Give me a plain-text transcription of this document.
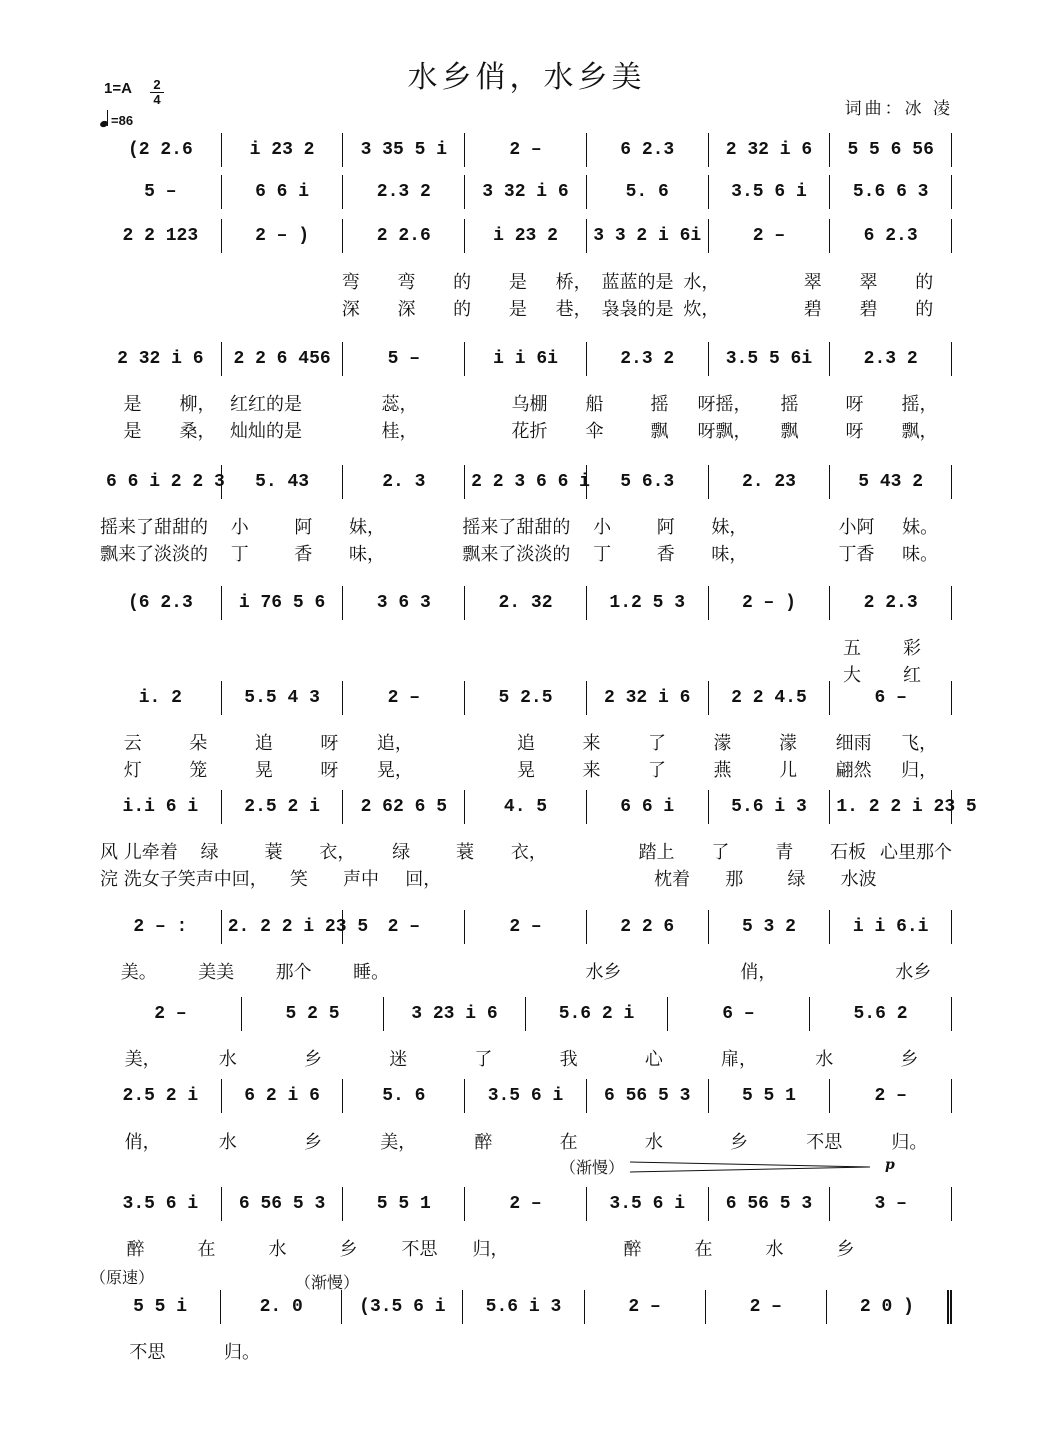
水乡俏，水乡美
词曲：冰 凌
1=A 2
4
=86
(2 2.6	i 23 2	3 35 5 i	2 –	6 2.3	2 32 i 6	5 5 6 56
5 –	6 6 i	2.3 2	3 32 i 6	5. 6	3.5 6 i	5.6 6 3
2 2 123	2 – )	2 2.6	i 23 2	3 3 2 i 6i	2 –	6 2.3
弯	弯	的	是	桥， 蓝蓝的是 水，	翠	翠	的
深	深	的	是	巷， 袅袅的是 炊，	碧	碧	的
2 32 i 6	2 2 6 456	5 –	i i 6i	2.3 2	3.5 5 6i	2.3 2
是	柳， 红红的是	蕊，	乌棚	船	摇	呀摇，	摇	呀	摇，
是	桑， 灿灿的是	桂，	花折	伞	飘	呀飘，	飘	呀	飘，
6 6 i 2 2 3	5. 43	2. 3	2 2 3 6 6 i	5 6.3	2. 23	5 43 2
摇来了甜甜的	小	阿	妹，	摇来了甜甜的	小	阿	妹，	小阿	妹。
飘来了淡淡的	丁	香	味，	飘来了淡淡的	丁	香	味，	丁香	味。
(6 2.3	i 76 5 6	3 6 3	2. 32	1.2 5 3	2 – )	2 2.3
五	彩
大	红
i. 2	5.5 4 3	2 –	5 2.5	2 32 i 6	2 2 4.5	6 –
云	朵	追	呀	追，	追	来	了	濛	濛	细雨	飞，
灯	笼	晃	呀	晃，	晃	来	了	燕	儿	翩然	归，
i.i 6 i	2.5 2 i	2 62 6 5	4. 5	6 6 i	5.6 i 3	1. 2 2 i 23 5
风 儿牵着	绿	蓑	衣，	绿	蓑	衣，	踏上	了	青	石板 心里那个
浣 洗女子 笑声中回，	笑	声中	回，	枕着	那	绿	水波
2 – :	2. 2 2 i 23 5	2 –	2 –	2 2 6	5 3 2	i i 6.i
美。	美美	那个	睡。	水乡	俏，	水乡
2 –	5 2 5	3 23 i 6	5.6 2 i	6 –	5.6 2
美，	水	乡	迷	了	我	心	扉，	水	乡
2.5 2 i	6 2 i 6	5. 6	3.5 6 i	6 56 5 3	5 5 1	2 –
俏，	水	乡	美，	醉	在	水	乡	不思	归。
（渐慢）	p
3.5 6 i	6 56 5 3	5 5 1	2 –	3.5 6 i	6 56 5 3	3 –
醉	在	水	乡	不思	归，	醉	在	水	乡
（原速）	（渐慢）
5 5 i	2. 0	(3.5 6 i	5.6 i 3	2 –	2 –	2 0 )
不思	归。
